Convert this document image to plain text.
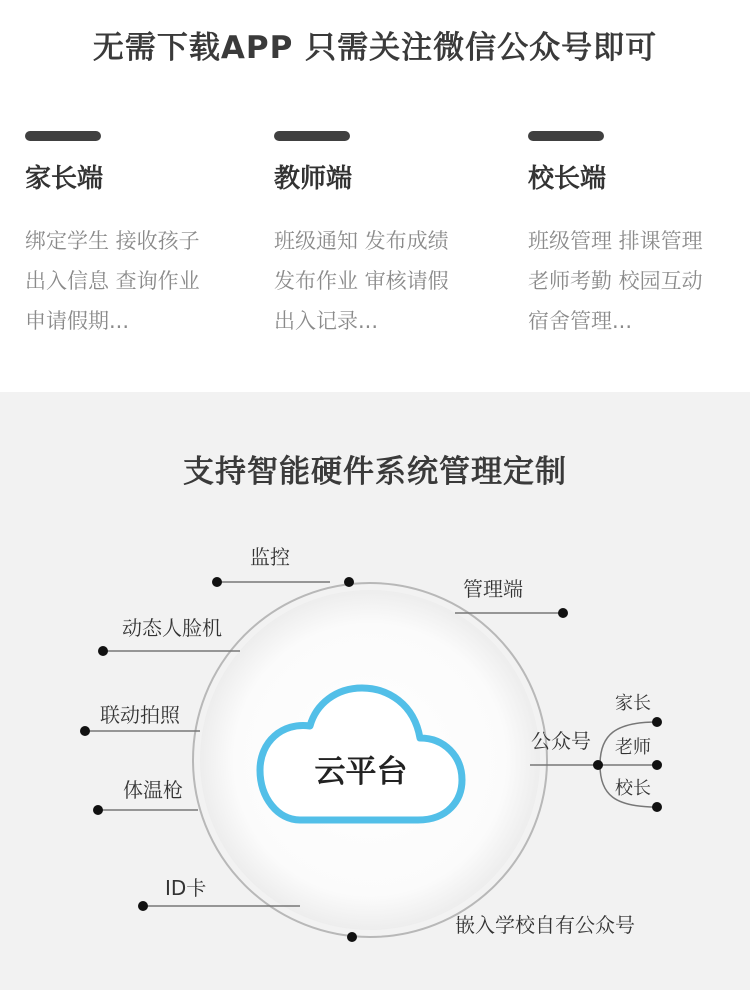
无需下载APP 只需关注微信公众号即可
家长端
绑定学生 接收孩子
出入信息 查询作业
申请假期...
教师端
班级通知 发布成绩
发布作业 审核请假
出入记录...
校长端
班级管理 排课管理
老师考勤 校园互动
宿舍管理...
支持智能硬件系统管理定制
云平台
监控
动态人脸机
联动拍照
体温枪
ID卡
管理端
公众号
家长
老师
校长
嵌入学校自有公众号
